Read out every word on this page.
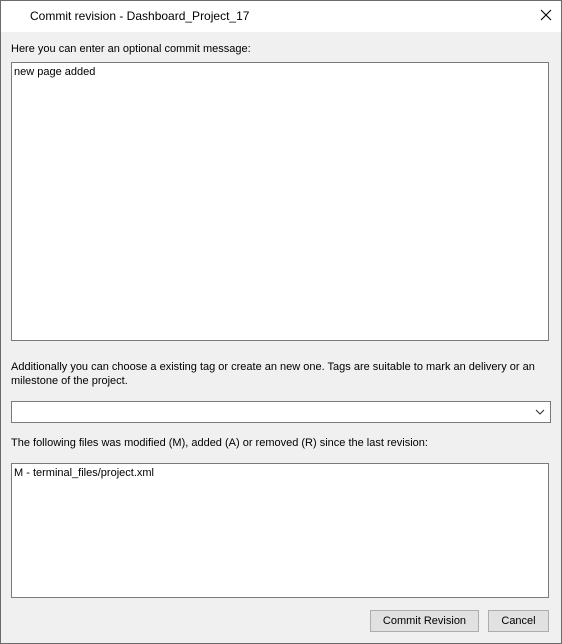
Commit revision - Dashboard_Project_17
Here you can enter an optional commit message:
new page added
Additionally you can choose a existing tag or create an new one. Tags are suitable to mark an delivery or an milestone of the project.
The following files was modified (M), added (A) or removed (R) since the last revision:
M - terminal_files/project.xml
Commit Revision	Cancel
